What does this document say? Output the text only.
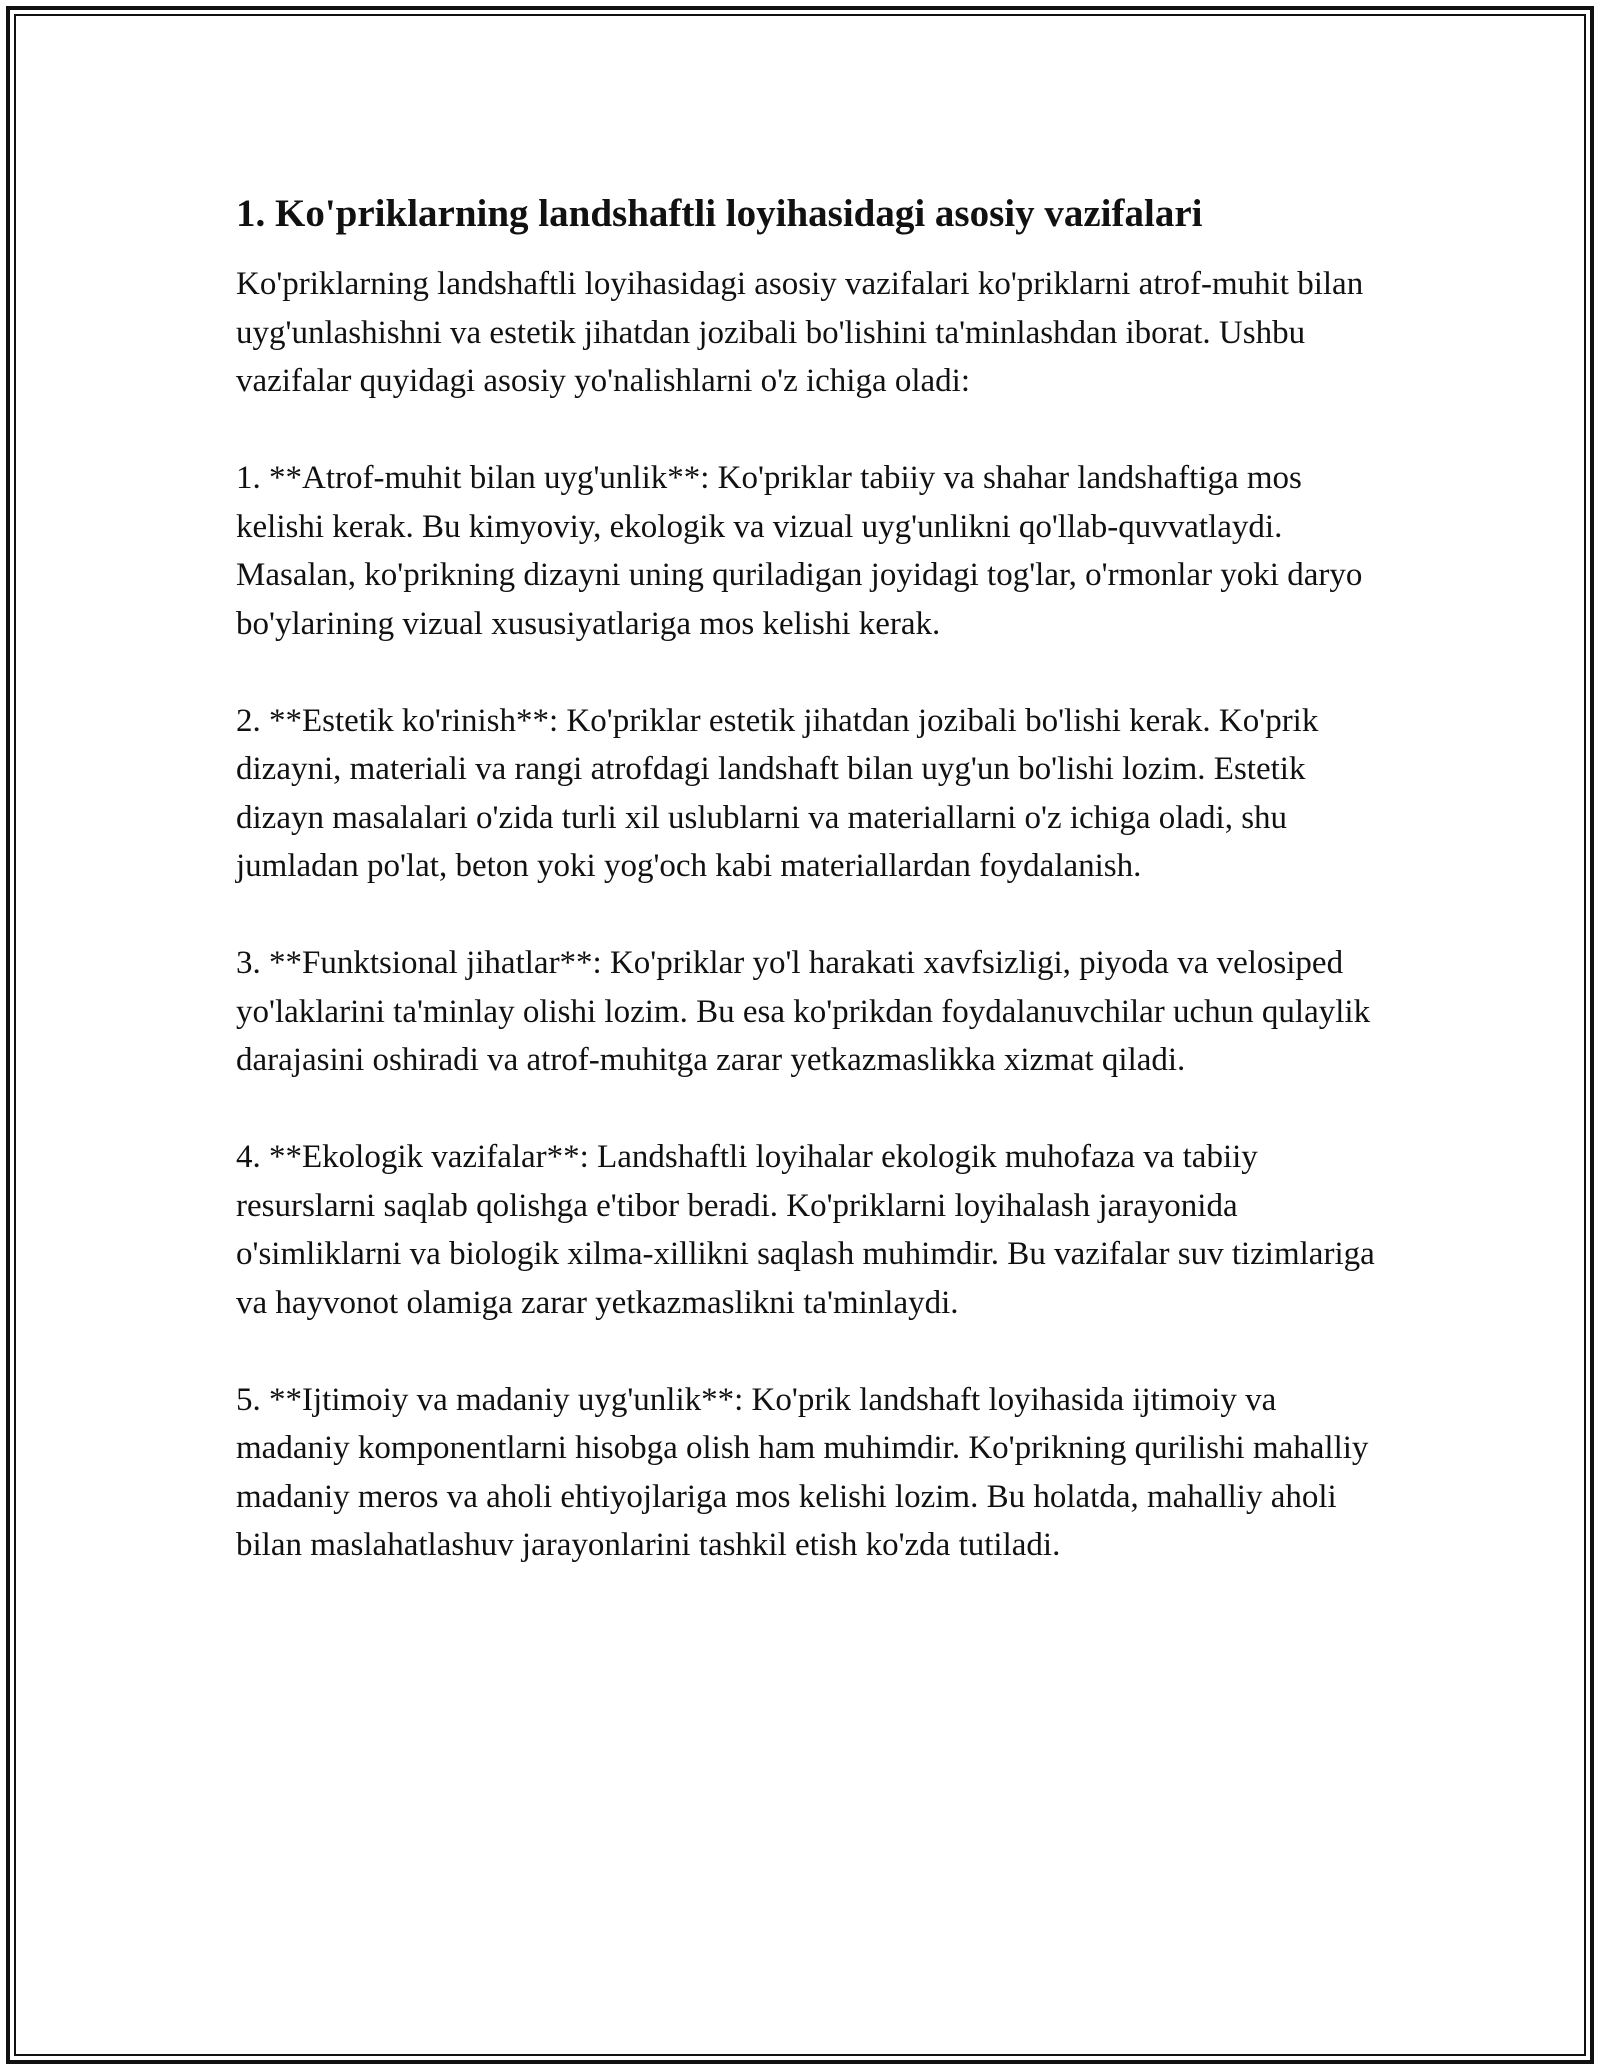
1. Ko'priklarning landshaftli loyihasidagi asosiy vazifalari

Ko'priklarning landshaftli loyihasidagi asosiy vazifalari ko'priklarni atrof-muhit bilan uyg'unlashishni va estetik jihatdan jozibali bo'lishini ta'minlashdan iborat. Ushbu vazifalar quyidagi asosiy yo'nalishlarni o'z ichiga oladi:

1. **Atrof-muhit bilan uyg'unlik**: Ko'priklar tabiiy va shahar landshaftiga mos kelishi kerak. Bu kimyoviy, ekologik va vizual uyg'unlikni qo'llab-quvvatlaydi. Masalan, ko'prikning dizayni uning quriladigan joyidagi tog'lar, o'rmonlar yoki daryo bo'ylarining vizual xususiyatlariga mos kelishi kerak.

2. **Estetik ko'rinish**: Ko'priklar estetik jihatdan jozibali bo'lishi kerak. Ko'prik dizayni, materiali va rangi atrofdagi landshaft bilan uyg'un bo'lishi lozim. Estetik dizayn masalalari o'zida turli xil uslublarni va materiallarni o'z ichiga oladi, shu jumladan po'lat, beton yoki yog'och kabi materiallardan foydalanish.

3. **Funktsional jihatlar**: Ko'priklar yo'l harakati xavfsizligi, piyoda va velosiped yo'laklarini ta'minlay olishi lozim. Bu esa ko'prikdan foydalanuvchilar uchun qulaylik darajasini oshiradi va atrof-muhitga zarar yetkazmaslikka xizmat qiladi.

4. **Ekologik vazifalar**: Landshaftli loyihalar ekologik muhofaza va tabiiy resurslarni saqlab qolishga e'tibor beradi. Ko'priklarni loyihalash jarayonida o'simliklarni va biologik xilma-xillikni saqlash muhimdir. Bu vazifalar suv tizimlariga va hayvonot olamiga zarar yetkazmaslikni ta'minlaydi.

5. **Ijtimoiy va madaniy uyg'unlik**: Ko'prik landshaft loyihasida ijtimoiy va madaniy komponentlarni hisobga olish ham muhimdir. Ko'prikning qurilishi mahalliy madaniy meros va aholi ehtiyojlariga mos kelishi lozim. Bu holatda, mahalliy aholi bilan maslahatlashuv jarayonlarini tashkil etish ko'zda tutiladi.
